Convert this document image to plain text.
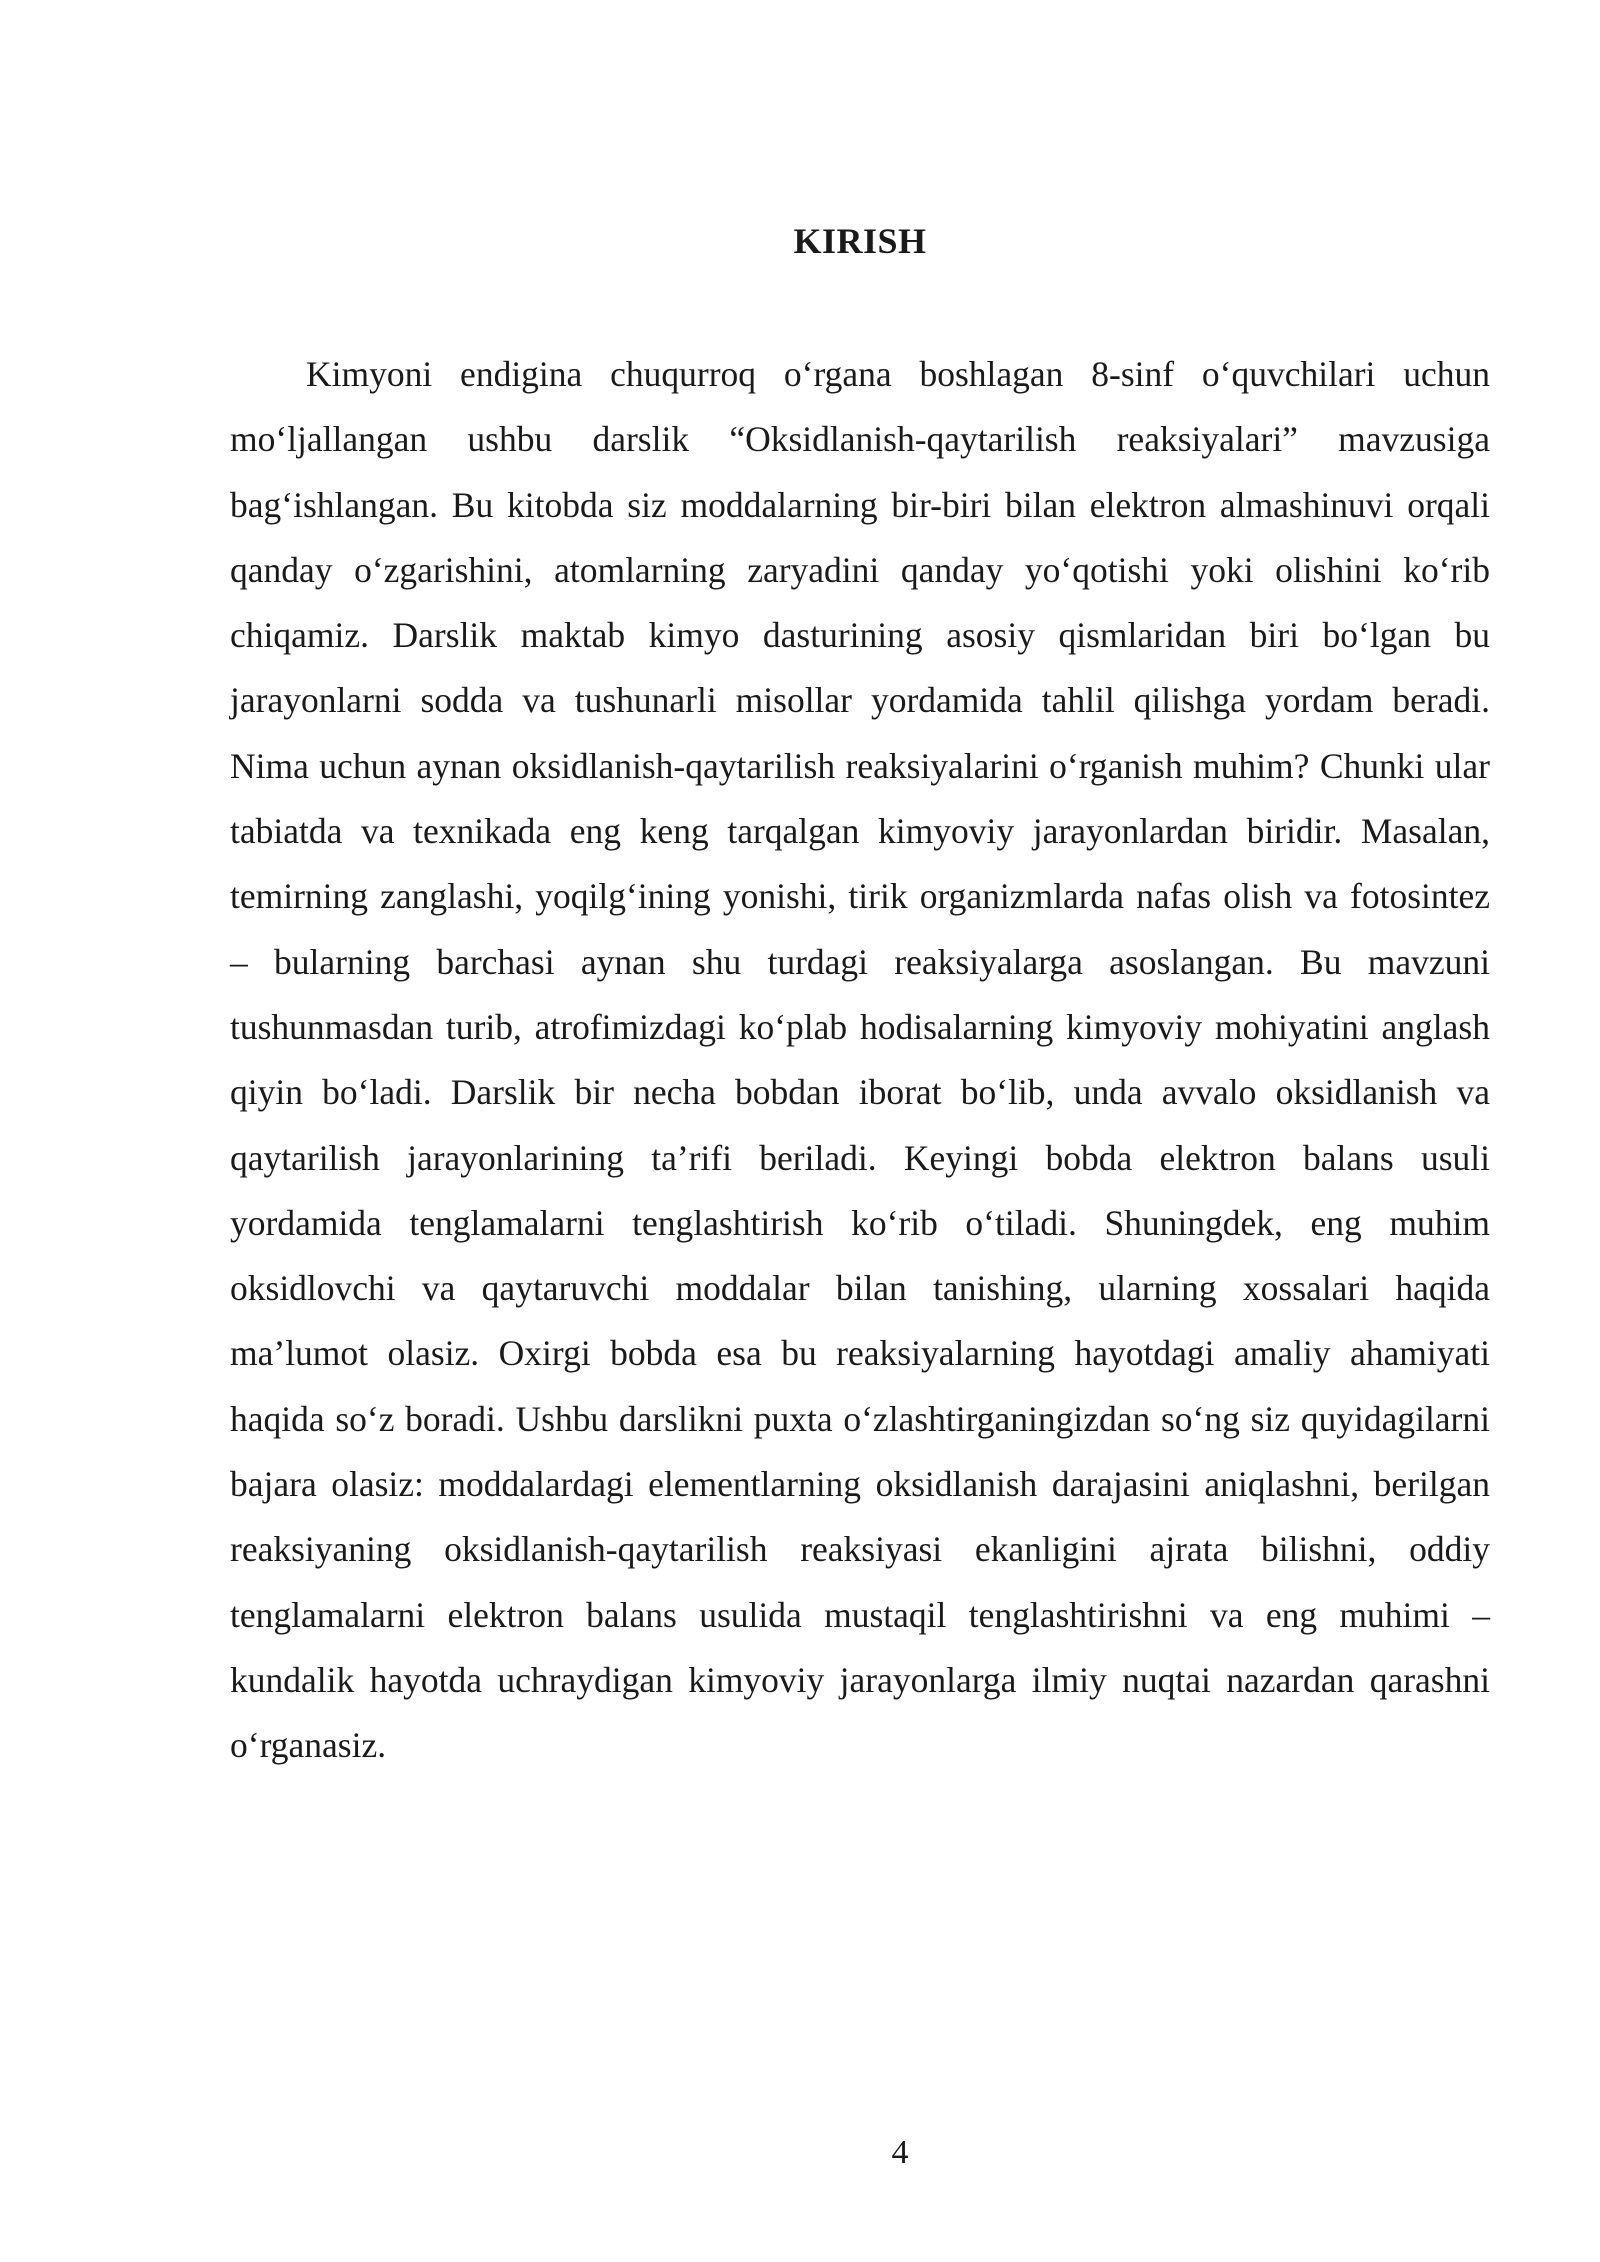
KIRISH

Kimyoni endigina chuqurroq o‘rgana boshlagan 8-sinf o‘quvchilari uchun mo‘ljallangan ushbu darslik “Oksidlanish-qaytarilish reaksiyalari” mavzusiga bag‘ishlangan. Bu kitobda siz moddalarning bir-biri bilan elektron almashinuvi orqali qanday o‘zgarishini, atomlarning zaryadini qanday yo‘qotishi yoki olishini ko‘rib chiqamiz. Darslik maktab kimyo dasturining asosiy qismlaridan biri bo‘lgan bu jarayonlarni sodda va tushunarli misollar yordamida tahlil qilishga yordam beradi. Nima uchun aynan oksidlanish-qaytarilish reaksiyalarini o‘rganish muhim? Chunki ular tabiatda va texnikada eng keng tarqalgan kimyoviy jarayonlardan biridir. Masalan, temirning zanglashi, yoqilg‘ining yonishi, tirik organizmlarda nafas olish va fotosintez – bularning barchasi aynan shu turdagi reaksiyalarga asoslangan. Bu mavzuni tushunmasdan turib, atrofimizdagi ko‘plab hodisalarning kimyoviy mohiyatini anglash qiyin bo‘ladi. Darslik bir necha bobdan iborat bo‘lib, unda avvalo oksidlanish va qaytarilish jarayonlarining ta’rifi beriladi. Keyingi bobda elektron balans usuli yordamida tenglamalarni tenglashtirish ko‘rib o‘tiladi. Shuningdek, eng muhim oksidlovchi va qaytaruvchi moddalar bilan tanishing, ularning xossalari haqida ma’lumot olasiz. Oxirgi bobda esa bu reaksiyalarning hayotdagi amaliy ahamiyati haqida so‘z boradi. Ushbu darslikni puxta o‘zlashtirganingizdan so‘ng siz quyidagilarni bajara olasiz: moddalardagi elementlarning oksidlanish darajasini aniqlashni, berilgan reaksiyaning oksidlanish-qaytarilish reaksiyasi ekanligini ajrata bilishni, oddiy tenglamalarni elektron balans usulida mustaqil tenglashtirishni va eng muhimi – kundalik hayotda uchraydigan kimyoviy jarayonlarga ilmiy nuqtai nazardan qarashni o‘rganasiz.

4
